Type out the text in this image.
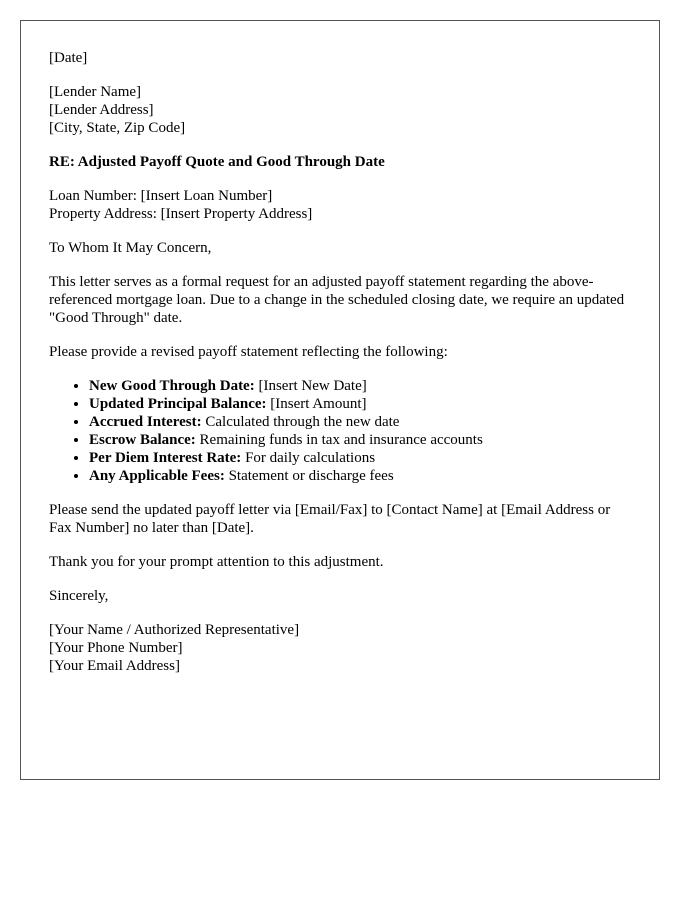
[Date]

[Lender Name]
[Lender Address]
[City, State, Zip Code]

RE: Adjusted Payoff Quote and Good Through Date

Loan Number: [Insert Loan Number]
Property Address: [Insert Property Address]

To Whom It May Concern,

This letter serves as a formal request for an adjusted payoff statement regarding the above-referenced mortgage loan. Due to a change in the scheduled closing date, we require an updated "Good Through" date.

Please provide a revised payoff statement reflecting the following:

• New Good Through Date: [Insert New Date]
• Updated Principal Balance: [Insert Amount]
• Accrued Interest: Calculated through the new date
• Escrow Balance: Remaining funds in tax and insurance accounts
• Per Diem Interest Rate: For daily calculations
• Any Applicable Fees: Statement or discharge fees

Please send the updated payoff letter via [Email/Fax] to [Contact Name] at [Email Address or Fax Number] no later than [Date].

Thank you for your prompt attention to this adjustment.

Sincerely,

[Your Name / Authorized Representative]
[Your Phone Number]
[Your Email Address]
